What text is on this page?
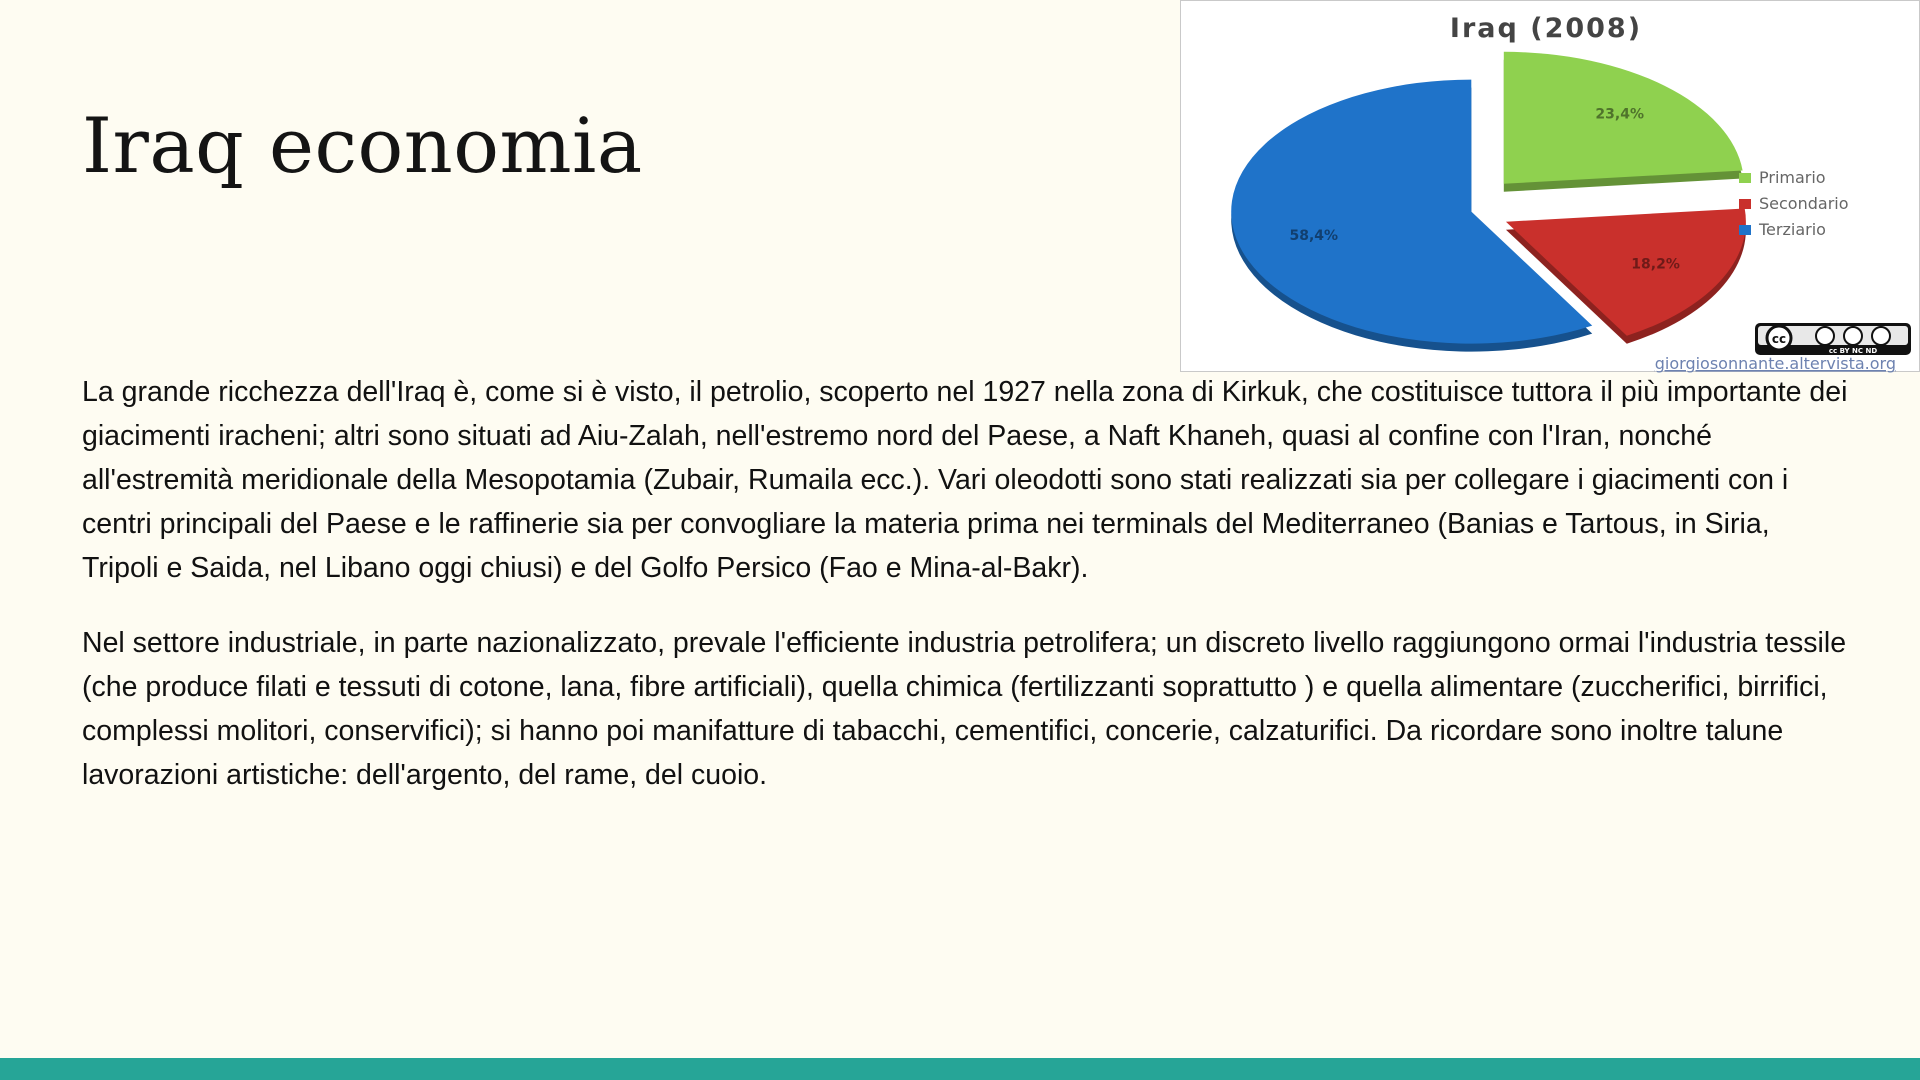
Iraq economia
Iraq (2008)
23,4%
18,2%
58,4%
Primario
Secondario
Terziario
cc
cc BY NC ND
giorgiosonnante.altervista.org

La grande ricchezza dell'Iraq è, come si è visto, il petrolio, scoperto nel 1927 nella zona di Kirkuk, che costituisce tuttora il più importante dei giacimenti iracheni; altri sono situati ad Aiu-Zalah, nell'estremo nord del Paese, a Naft Khaneh, quasi al confine con l'Iran, nonché all'estremità meridionale della Mesopotamia (Zubair, Rumaila ecc.). Vari oleodotti sono stati realizzati sia per collegare i giacimenti con i centri principali del Paese e le raffinerie sia per convogliare la materia prima nei terminals del Mediterraneo (Banias e Tartous, in Siria, Tripoli e Saida, nel Libano oggi chiusi) e del Golfo Persico (Fao e Mina-al-Bakr).

Nel settore industriale, in parte nazionalizzato, prevale l'efficiente industria petrolifera; un discreto livello raggiungono ormai l'industria tessile (che produce filati e tessuti di cotone, lana, fibre artificiali), quella chimica (fertilizzanti soprattutto ) e quella alimentare (zuccherifici, birrifici, complessi molitori, conservifici); si hanno poi manifatture di tabacchi, cementifici, concerie, calzaturifici. Da ricordare sono inoltre talune lavorazioni artistiche: dell'argento, del rame, del cuoio.
